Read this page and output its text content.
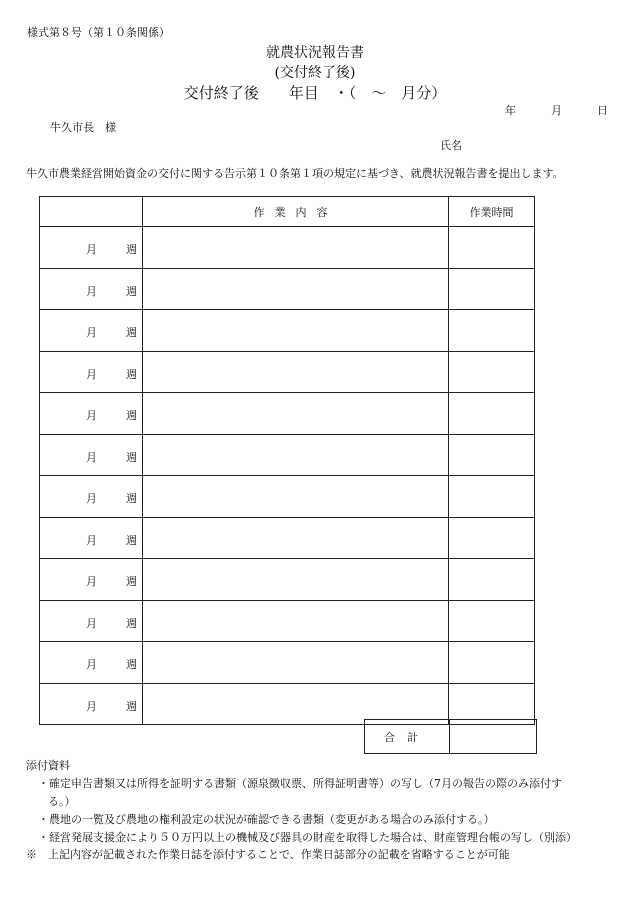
様式第８号（第１０条関係）
就農状況報告書
(交付終了後)
交付終了後　　年目　・（　～　月分）
年	月	日
牛久市長　様
氏名
牛久市農業経営開始資金の交付に関する告示第１０条第１項の規定に基づき、就農状況報告書を提出します。
	作業内容	作業時間

月 週		

月 週		

月 週		

月 週		

月 週		

月 週		

月 週		

月 週		

月 週		

月 週		

月 週		

月 週		

合計	
添付資料
・確定申告書類又は所得を証明する書類（源泉徴収票、所得証明書等）の写し（7月の報告の際のみ添付す
る。）
・農地の一覧及び農地の権利設定の状況が確認できる書類（変更がある場合のみ添付する。）
・経営発展支援金により５０万円以上の機械及び器具の財産を取得した場合は、財産管理台帳の写し（別添）
※　上記内容が記載された作業日誌を添付することで、作業日誌部分の記載を省略することが可能
